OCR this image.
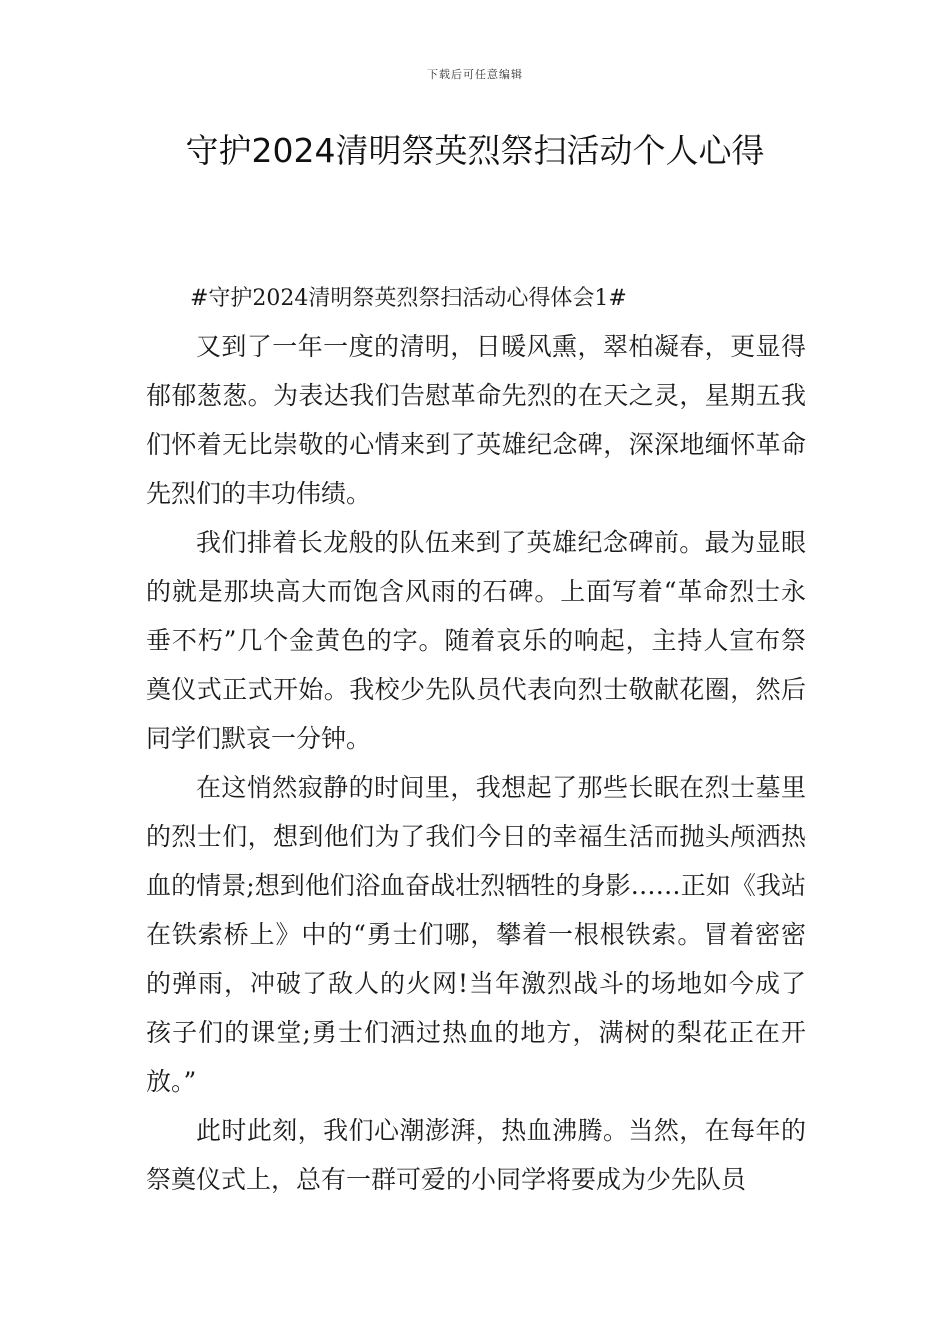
下载后可任意编辑
守护2024清明祭英烈祭扫活动个人心得

#守护2024清明祭英烈祭扫活动心得体会1#

又到了一年一度的清明，日暖风熏，翠柏凝春，更显得郁郁葱葱。为表达我们告慰革命先烈的在天之灵，星期五我们怀着无比崇敬的心情来到了英雄纪念碑，深深地缅怀革命先烈们的丰功伟绩。

我们排着长龙般的队伍来到了英雄纪念碑前。最为显眼的就是那块高大而饱含风雨的石碑。上面写着“革命烈士永垂不朽”几个金黄色的字。随着哀乐的响起，主持人宣布祭奠仪式正式开始。我校少先队员代表向烈士敬献花圈，然后同学们默哀一分钟。

在这悄然寂静的时间里，我想起了那些长眠在烈士墓里的烈士们，想到他们为了我们今日的幸福生活而抛头颅洒热血的情景;想到他们浴血奋战壮烈牺牲的身影……正如《我站在铁索桥上》中的“勇士们哪，攀着一根根铁索。冒着密密的弹雨，冲破了敌人的火网!当年激烈战斗的场地如今成了孩子们的课堂;勇士们洒过热血的地方，满树的梨花正在开放。”

此时此刻，我们心潮澎湃，热血沸腾。当然，在每年的祭奠仪式上，总有一群可爱的小同学将要成为少先队员
